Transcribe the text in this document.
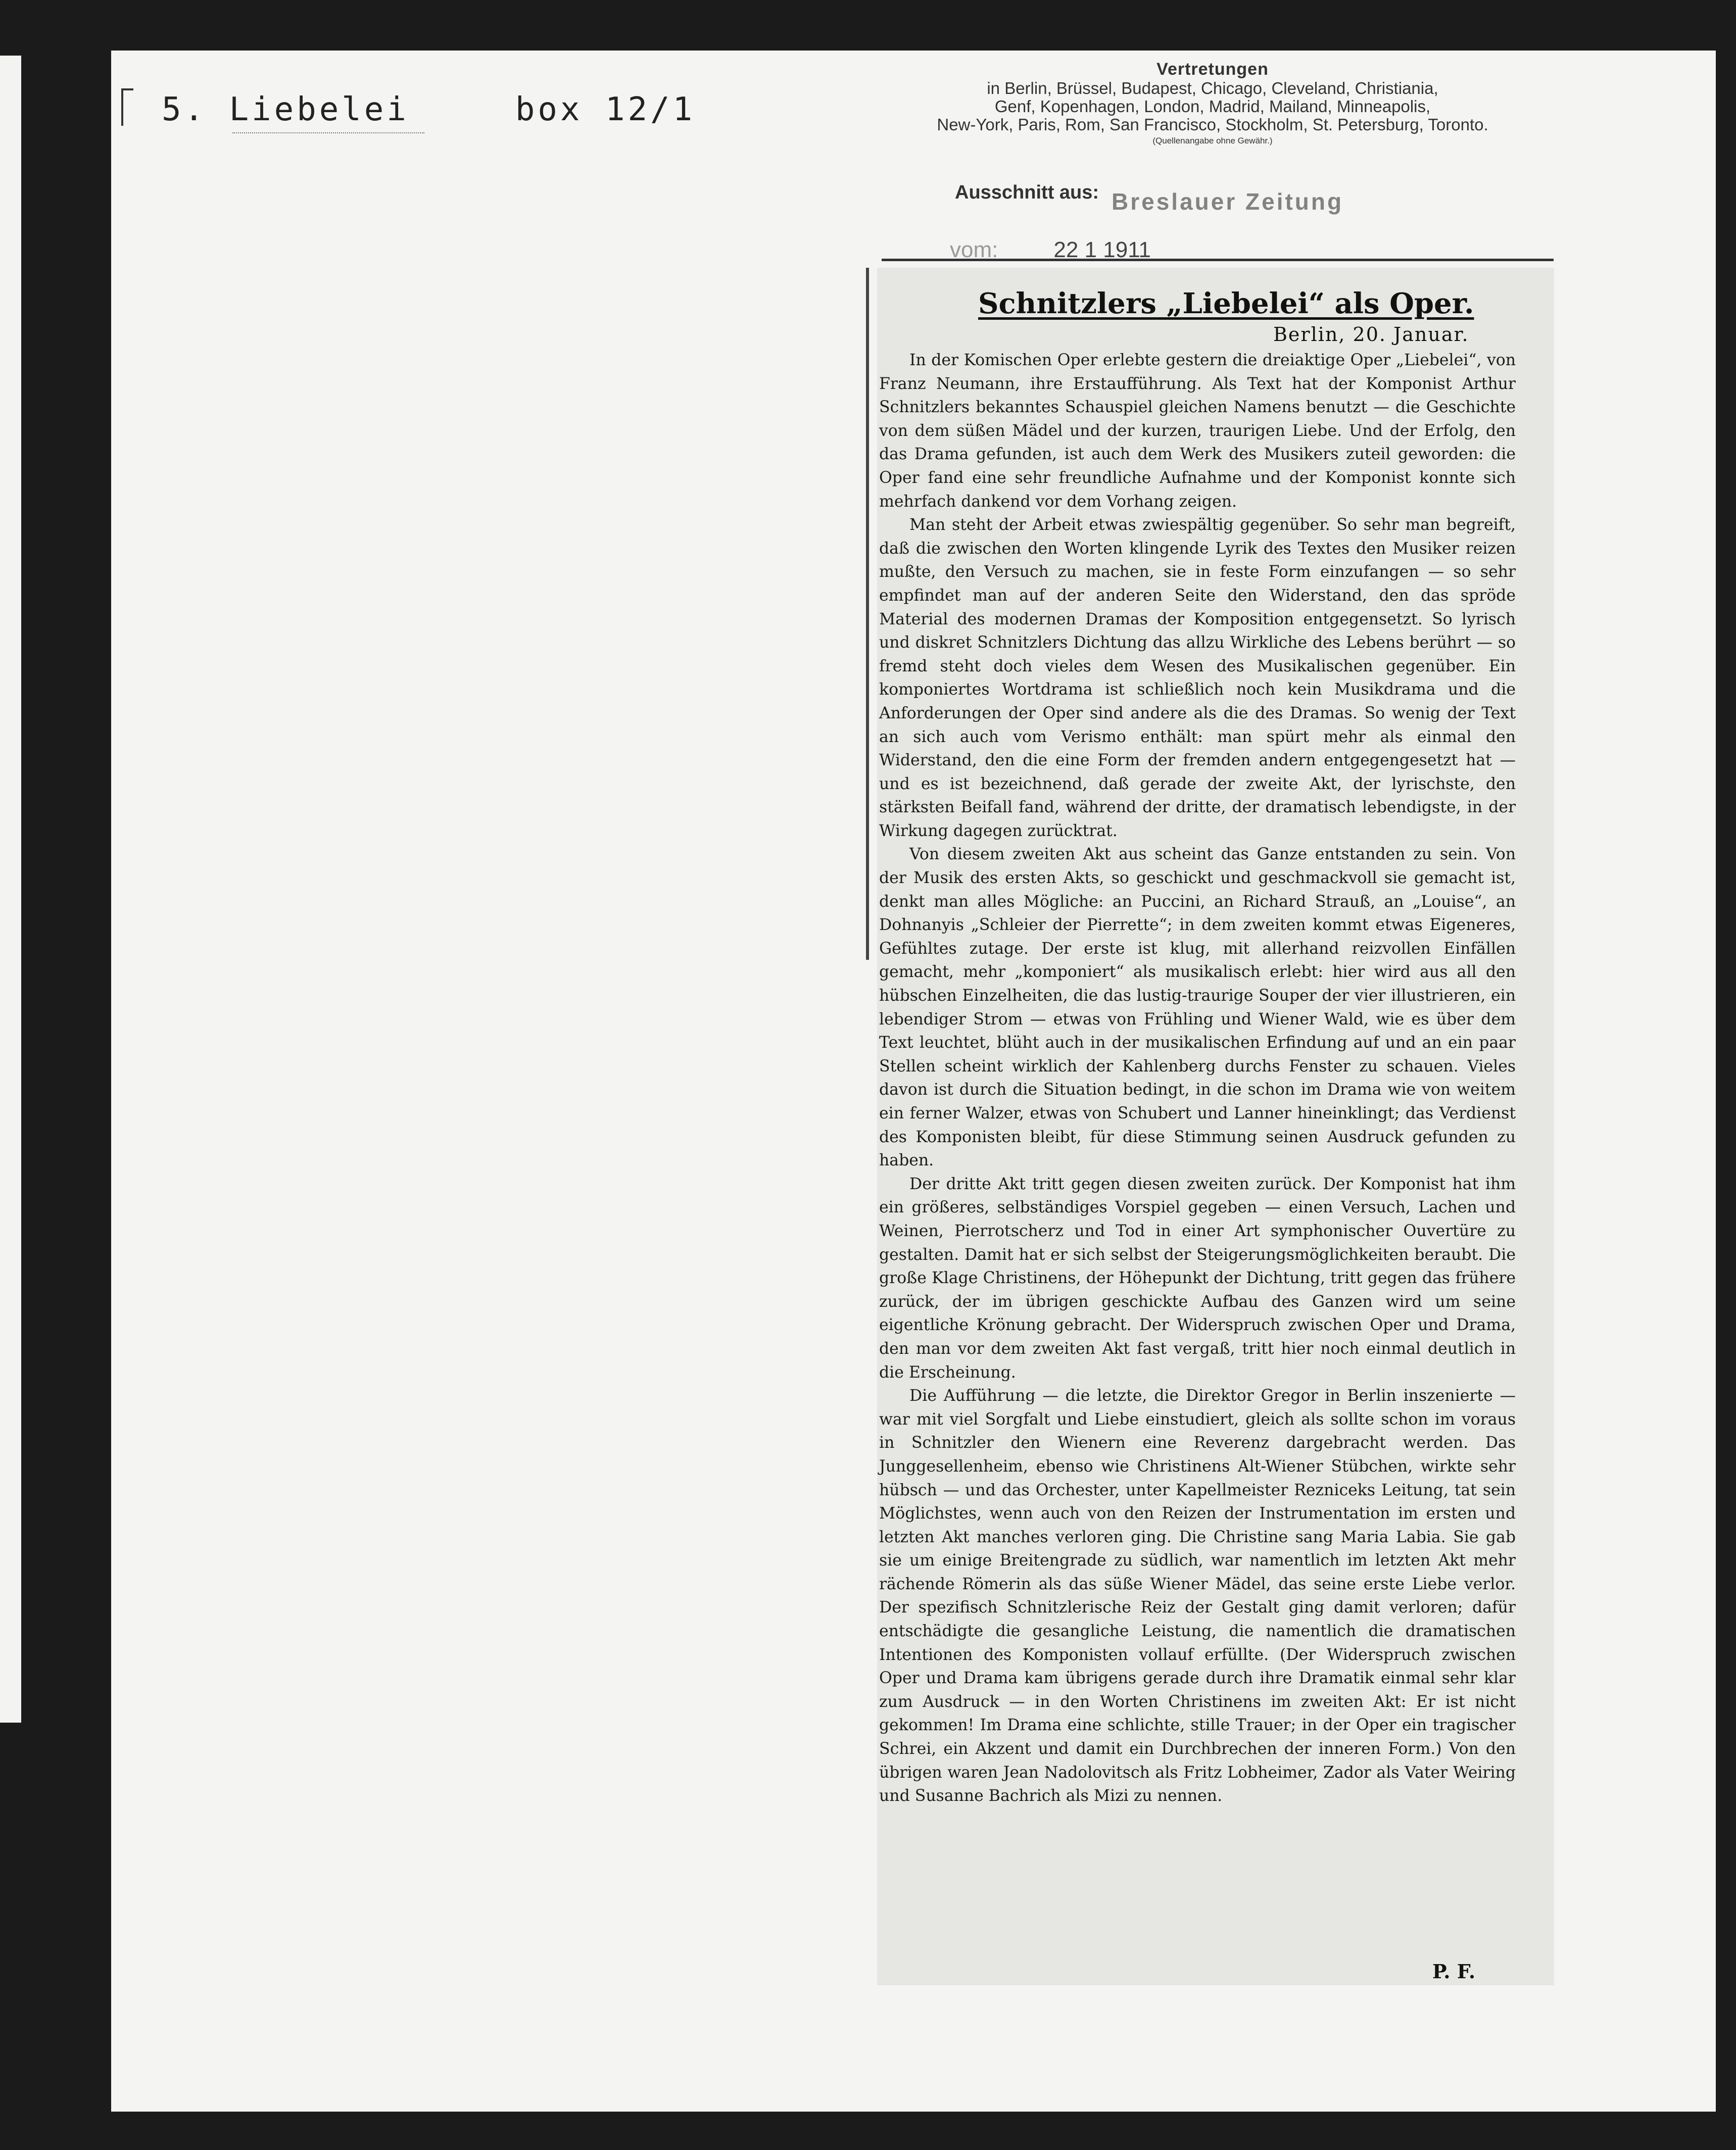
5. Liebelei	box 12/1
Vertretungen
in Berlin, Brüssel, Budapest, Chicago, Cleveland, Christiania,
Genf, Kopenhagen, London, Madrid, Mailand, Minneapolis,
New-York, Paris, Rom, San Francisco, Stockholm, St. Petersburg, Toronto.
(Quellenangabe ohne Gewähr.)
Ausschnitt aus: Breslauer Zeitung
vom:	22 1 1911
Schnitzlers „Liebelei“ als Oper.
Berlin, 20. Januar.

In der Komischen Oper erlebte gestern die dreiaktige Oper „Liebelei“, von Franz Neumann, ihre Erstaufführung. Als Text hat der Komponist Arthur Schnitzlers bekanntes Schauspiel gleichen Namens benutzt — die Geschichte von dem süßen Mädel und der kurzen, traurigen Liebe. Und der Erfolg, den das Drama gefunden, ist auch dem Werk des Musikers zuteil geworden: die Oper fand eine sehr freundliche Aufnahme und der Komponist konnte sich mehrfach dankend vor dem Vorhang zeigen.

Man steht der Arbeit etwas zwiespältig gegenüber. So sehr man begreift, daß die zwischen den Worten klingende Lyrik des Textes den Musiker reizen mußte, den Versuch zu machen, sie in feste Form einzufangen — so sehr empfindet man auf der anderen Seite den Widerstand, den das spröde Material des modernen Dramas der Komposition entgegensetzt. So lyrisch und diskret Schnitzlers Dichtung das allzu Wirkliche des Lebens berührt — so fremd steht doch vieles dem Wesen des Musikalischen gegenüber. Ein komponiertes Wortdrama ist schließlich noch kein Musikdrama und die Anforderungen der Oper sind andere als die des Dramas. So wenig der Text an sich auch vom Verismo enthält: man spürt mehr als einmal den Widerstand, den die eine Form der fremden andern entgegengesetzt hat — und es ist bezeichnend, daß gerade der zweite Akt, der lyrischste, den stärksten Beifall fand, während der dritte, der dramatisch lebendigste, in der Wirkung dagegen zurücktrat.

Von diesem zweiten Akt aus scheint das Ganze entstanden zu sein. Von der Musik des ersten Akts, so geschickt und geschmackvoll sie gemacht ist, denkt man alles Mögliche: an Puccini, an Richard Strauß, an „Louise“, an Dohnanyis „Schleier der Pierrette“; in dem zweiten kommt etwas Eigeneres, Gefühltes zutage. Der erste ist klug, mit allerhand reizvollen Einfällen gemacht, mehr „komponiert“ als musikalisch erlebt: hier wird aus all den hübschen Einzelheiten, die das lustig-traurige Souper der vier illustrieren, ein lebendiger Strom — etwas von Frühling und Wiener Wald, wie es über dem Text leuchtet, blüht auch in der musikalischen Erfindung auf und an ein paar Stellen scheint wirklich der Kahlenberg durchs Fenster zu schauen. Vieles davon ist durch die Situation bedingt, in die schon im Drama wie von weitem ein ferner Walzer, etwas von Schubert und Lanner hineinklingt; das Verdienst des Komponisten bleibt, für diese Stimmung seinen Ausdruck gefunden zu haben.

Der dritte Akt tritt gegen diesen zweiten zurück. Der Komponist hat ihm ein größeres, selbständiges Vorspiel gegeben — einen Versuch, Lachen und Weinen, Pierrotscherz und Tod in einer Art symphonischer Ouvertüre zu gestalten. Damit hat er sich selbst der Steigerungsmöglichkeiten beraubt. Die große Klage Christinens, der Höhepunkt der Dichtung, tritt gegen das frühere zurück, der im übrigen geschickte Aufbau des Ganzen wird um seine eigentliche Krönung gebracht. Der Widerspruch zwischen Oper und Drama, den man vor dem zweiten Akt fast vergaß, tritt hier noch einmal deutlich in die Erscheinung.

Die Aufführung — die letzte, die Direktor Gregor in Berlin inszenierte — war mit viel Sorgfalt und Liebe einstudiert, gleich als sollte schon im voraus in Schnitzler den Wienern eine Reverenz dargebracht werden. Das Junggesellenheim, ebenso wie Christinens Alt-Wiener Stübchen, wirkte sehr hübsch — und das Orchester, unter Kapellmeister Rezniceks Leitung, tat sein Möglichstes, wenn auch von den Reizen der Instrumentation im ersten und letzten Akt manches verloren ging. Die Christine sang Maria Labia. Sie gab sie um einige Breitengrade zu südlich, war namentlich im letzten Akt mehr rächende Römerin als das süße Wiener Mädel, das seine erste Liebe verlor. Der spezifisch Schnitzlerische Reiz der Gestalt ging damit verloren; dafür entschädigte die gesangliche Leistung, die namentlich die dramatischen Intentionen des Komponisten vollauf erfüllte. (Der Widerspruch zwischen Oper und Drama kam übrigens gerade durch ihre Dramatik einmal sehr klar zum Ausdruck — in den Worten Christinens im zweiten Akt: Er ist nicht gekommen! Im Drama eine schlichte, stille Trauer; in der Oper ein tragischer Schrei, ein Akzent und damit ein Durchbrechen der inneren Form.) Von den übrigen waren Jean Nadolovitsch als Fritz Lobheimer, Zador als Vater Weiring und Susanne Bachrich als Mizi zu nennen.

P. F.
